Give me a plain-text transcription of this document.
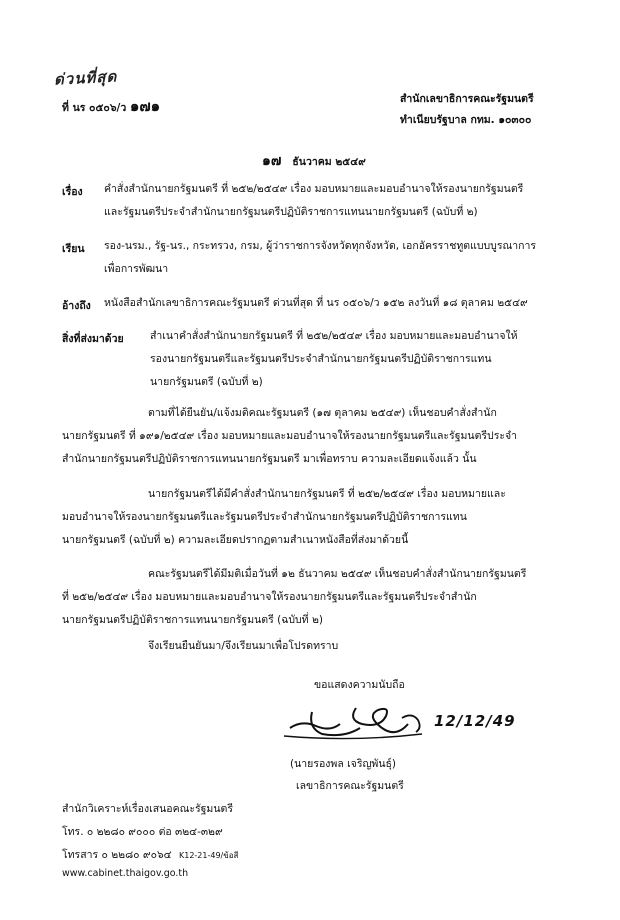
ด่วนที่สุด
ที่ นร ๐๕๐๖/ว ๑๗๑	สำนักเลขาธิการคณะรัฐมนตรี
ทำเนียบรัฐบาล กทม. ๑๐๓๐๐
๑๗ ธันวาคม ๒๕๔๙
เรื่อง คำสั่งสำนักนายกรัฐมนตรี ที่ ๒๕๒/๒๕๔๙ เรื่อง มอบหมายและมอบอำนาจให้รองนายกรัฐมนตรี
และรัฐมนตรีประจำสำนักนายกรัฐมนตรีปฏิบัติราชการแทนนายกรัฐมนตรี (ฉบับที่ ๒)
เรียน รอง-นรม., รัฐ-นร., กระทรวง, กรม, ผู้ว่าราชการจังหวัดทุกจังหวัด, เอกอัครราชทูตแบบบูรณาการ
เพื่อการพัฒนา
อ้างถึง หนังสือสำนักเลขาธิการคณะรัฐมนตรี ด่วนที่สุด ที่ นร ๐๕๐๖/ว ๑๕๒ ลงวันที่ ๑๘ ตุลาคม ๒๕๔๙
สิ่งที่ส่งมาด้วย	สำเนาคำสั่งสำนักนายกรัฐมนตรี ที่ ๒๕๒/๒๕๔๙ เรื่อง มอบหมายและมอบอำนาจให้
รองนายกรัฐมนตรีและรัฐมนตรีประจำสำนักนายกรัฐมนตรีปฏิบัติราชการแทน
นายกรัฐมนตรี (ฉบับที่ ๒)
ตามที่ได้ยืนยัน/แจ้งมติคณะรัฐมนตรี (๑๗ ตุลาคม ๒๕๔๙) เห็นชอบคำสั่งสำนัก
นายกรัฐมนตรี ที่ ๑๙๑/๒๕๔๙ เรื่อง มอบหมายและมอบอำนาจให้รองนายกรัฐมนตรีและรัฐมนตรีประจำ
สำนักนายกรัฐมนตรีปฏิบัติราชการแทนนายกรัฐมนตรี มาเพื่อทราบ ความละเอียดแจ้งแล้ว นั้น
นายกรัฐมนตรีได้มีคำสั่งสำนักนายกรัฐมนตรี ที่ ๒๕๒/๒๕๔๙ เรื่อง มอบหมายและ
มอบอำนาจให้รองนายกรัฐมนตรีและรัฐมนตรีประจำสำนักนายกรัฐมนตรีปฏิบัติราชการแทน
นายกรัฐมนตรี (ฉบับที่ ๒) ความละเอียดปรากฏตามสำเนาหนังสือที่ส่งมาด้วยนี้
คณะรัฐมนตรีได้มีมติเมื่อวันที่ ๑๒ ธันวาคม ๒๕๔๙ เห็นชอบคำสั่งสำนักนายกรัฐมนตรี
ที่ ๒๕๒/๒๕๔๙ เรื่อง มอบหมายและมอบอำนาจให้รองนายกรัฐมนตรีและรัฐมนตรีประจำสำนัก
นายกรัฐมนตรีปฏิบัติราชการแทนนายกรัฐมนตรี (ฉบับที่ ๒)
จึงเรียนยืนยันมา/จึงเรียนมาเพื่อโปรดทราบ
ขอแสดงความนับถือ
12/12/49
(นายรองพล เจริญพันธุ์)
เลขาธิการคณะรัฐมนตรี
สำนักวิเคราะห์เรื่องเสนอคณะรัฐมนตรี
โทร. ๐ ๒๒๘๐ ๙๐๐๐ ต่อ ๓๒๔-๓๒๙
โทรสาร ๐ ๒๒๘๐ ๙๐๖๔ K12-21-49/ข้อสี
www.cabinet.thaigov.go.th
